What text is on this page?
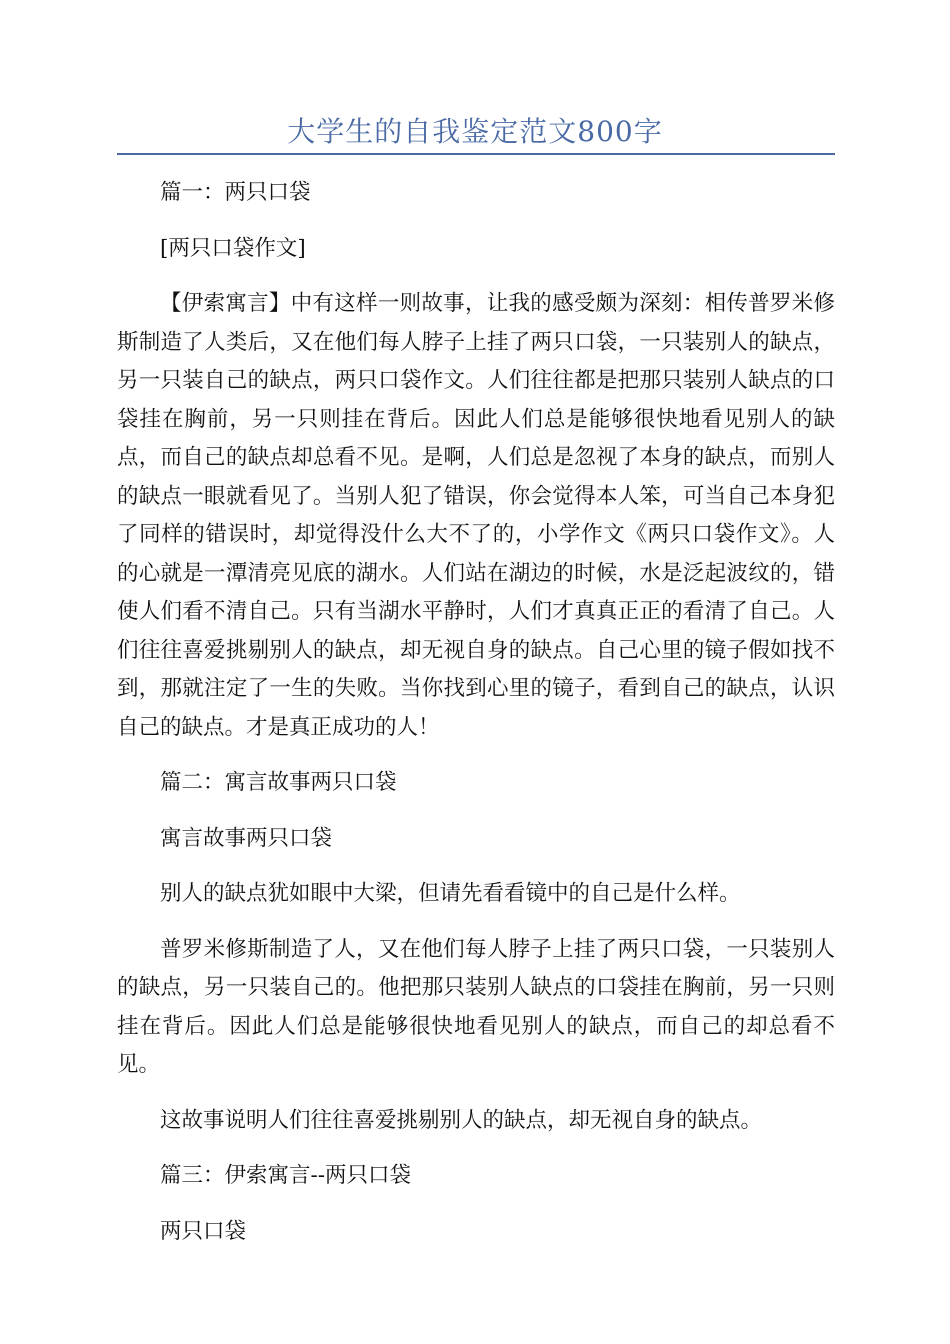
大学生的自我鉴定范文800字

篇一：两只口袋

[两只口袋作文]

【伊索寓言】中有这样一则故事，让我的感受颇为深刻：相传普罗米修斯制造了人类后，又在他们每人脖子上挂了两只口袋，一只装别人的缺点，另一只装自己的缺点，两只口袋作文。人们往往都是把那只装别人缺点的口袋挂在胸前，另一只则挂在背后。因此人们总是能够很快地看见别人的缺点，而自己的缺点却总看不见。是啊，人们总是忽视了本身的缺点，而别人的缺点一眼就看见了。当别人犯了错误，你会觉得本人笨，可当自己本身犯了同样的错误时，却觉得没什么大不了的，小学作文《两只口袋作文》。人的心就是一潭清亮见底的湖水。人们站在湖边的时候，水是泛起波纹的，错使人们看不清自己。只有当湖水平静时，人们才真真正正的看清了自己。人们往往喜爱挑剔别人的缺点，却无视自身的缺点。自己心里的镜子假如找不到，那就注定了一生的失败。当你找到心里的镜子，看到自己的缺点，认识自己的缺点。才是真正成功的人！

篇二：寓言故事两只口袋

寓言故事两只口袋

别人的缺点犹如眼中大梁，但请先看看镜中的自己是什么样。

普罗米修斯制造了人，又在他们每人脖子上挂了两只口袋，一只装别人的缺点，另一只装自己的。他把那只装别人缺点的口袋挂在胸前，另一只则挂在背后。因此人们总是能够很快地看见别人的缺点，而自己的却总看不见。

这故事说明人们往往喜爱挑剔别人的缺点，却无视自身的缺点。

篇三：伊索寓言--两只口袋

两只口袋
